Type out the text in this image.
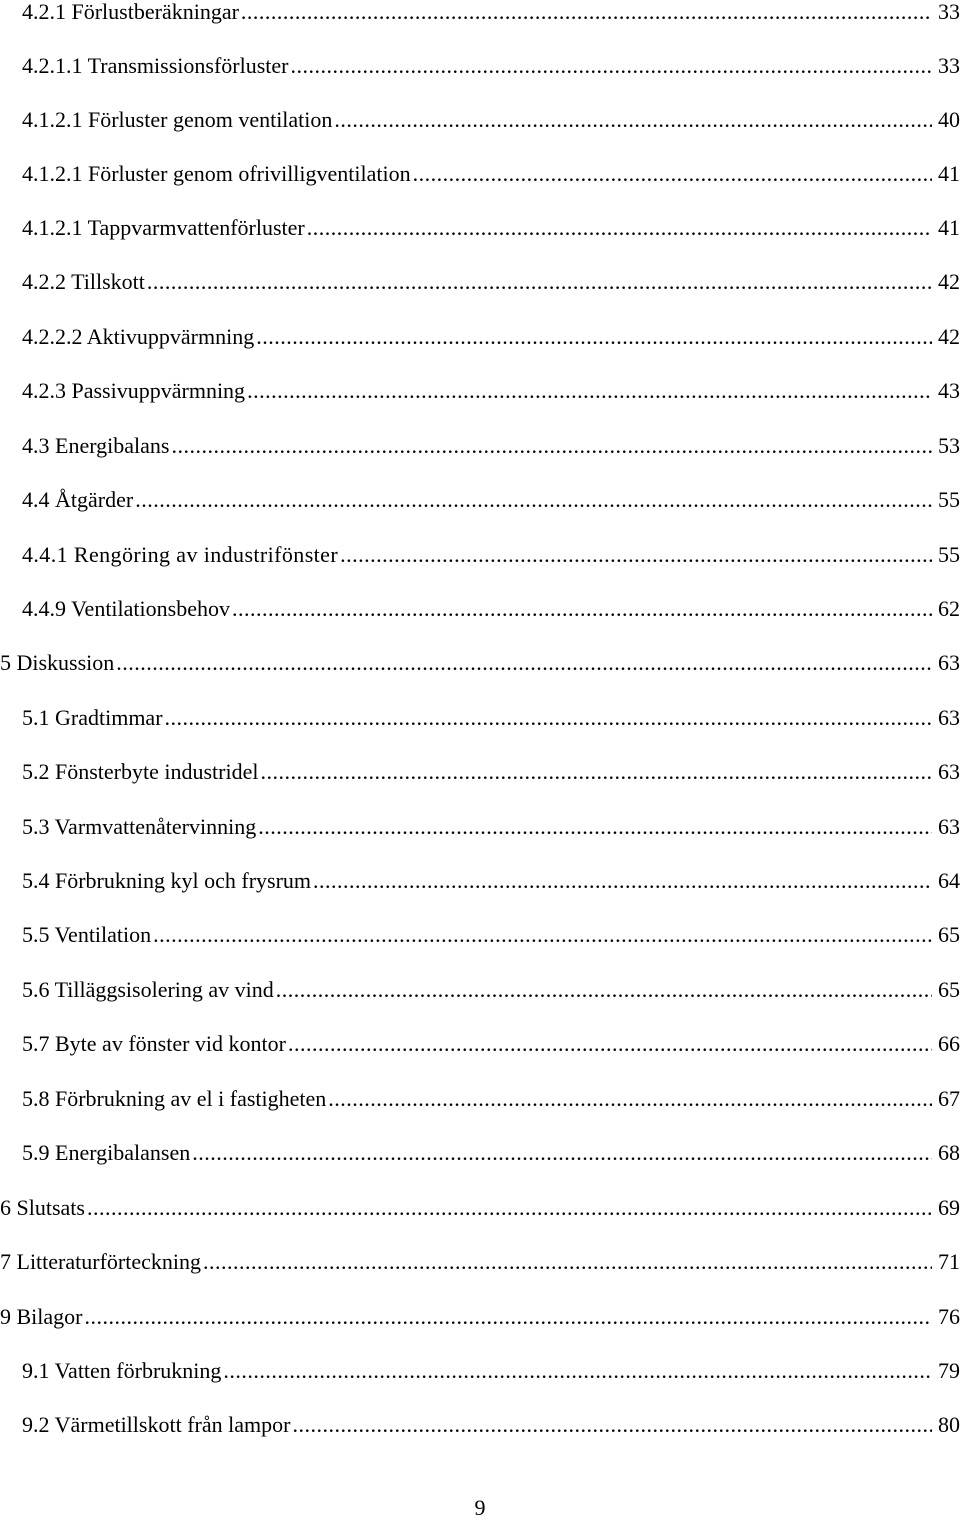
4.2.1 Förlustberäkningar .....	33
4.2.1.1 Transmissionsförluster .....	33
4.1.2.1 Förluster genom ventilation .....	40
4.1.2.1 Förluster genom ofrivilligventilation .....	41
4.1.2.1 Tappvarmvattenförluster .....	41
4.2.2 Tillskott .....	42
4.2.2.2 Aktivuppvärmning .....	42
4.2.3 Passivuppvärmning .....	43
4.3 Energibalans .....	53
4.4 Åtgärder .....	55
4.4.1 Rengöring av industrifönster .....	55
4.4.9 Ventilationsbehov .....	62
5 Diskussion .....	63
5.1 Gradtimmar .....	63
5.2 Fönsterbyte industridel .....	63
5.3 Varmvattenåtervinning .....	63
5.4 Förbrukning kyl och frysrum .....	64
5.5 Ventilation .....	65
5.6 Tilläggsisolering av vind .....	65
5.7 Byte av fönster vid kontor .....	66
5.8 Förbrukning av el i fastigheten .....	67
5.9 Energibalansen .....	68
6 Slutsats .....	69
7 Litteraturförteckning .....	71
9 Bilagor .....	76
9.1 Vatten förbrukning .....	79
9.2 Värmetillskott från lampor .....	80
9
